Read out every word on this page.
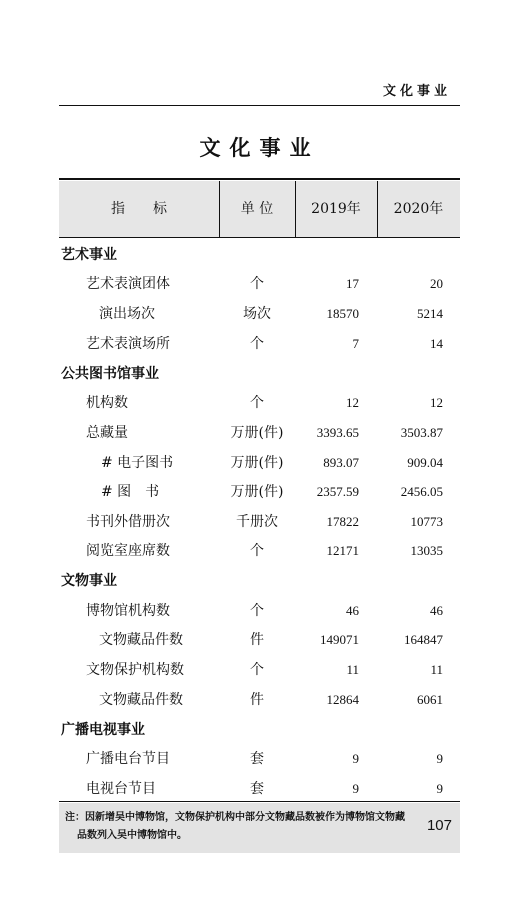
文化事业
文化事业
指　　标	单 位	2019年	2020年
艺术事业
艺术表演团体	个	17	20
演出场次	场次	18570	5214
艺术表演场所	个	7	14
公共图书馆事业
机构数	个	12	12
总藏量	万册(件)	3393.65	3503.87
# 电子图书	万册(件)	893.07	909.04
# 图　书	万册(件)	2357.59	2456.05
书刊外借册次	千册次	17822	10773
阅览室座席数	个	12171	13035
文物事业
博物馆机构数	个	46	46
文物藏品件数	件	149071	164847
文物保护机构数	个	11	11
文物藏品件数	件	12864	6061
广播电视事业
广播电台节目	套	9	9
电视台节目	套	9	9
注：因新增吴中博物馆，文物保护机构中部分文物藏品数被作为博物馆文物藏
品数列入吴中博物馆中。
107
